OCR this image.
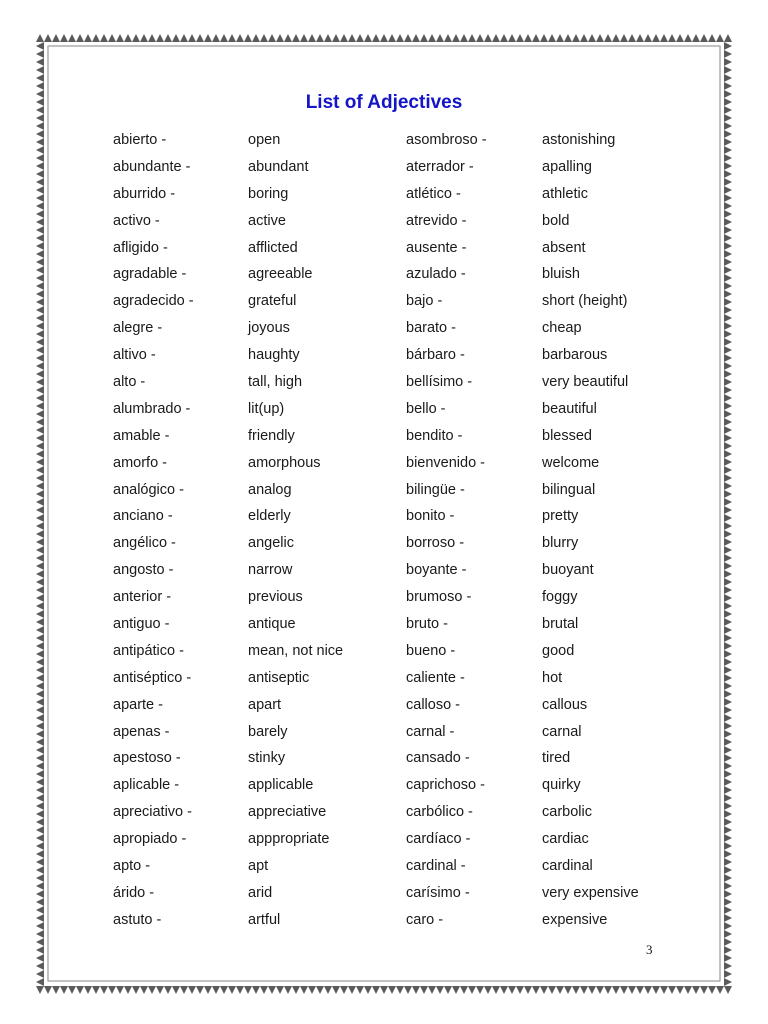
List of Adjectives
abierto -
abundante -
aburrido -
activo -
afligido -
agradable -
agradecido -
alegre -
altivo -
alto -
alumbrado -
amable -
amorfo -
analógico -
anciano -
angélico -
angosto -
anterior -
antiguo -
antipático -
antiséptico -
aparte -
apenas -
apestoso -
aplicable -
apreciativo -
apropiado -
apto -
árido -
astuto -
open
abundant
boring
active
afflicted
agreeable
grateful
joyous
haughty
tall, high
lit(up)
friendly
amorphous
analog
elderly
angelic
narrow
previous
antique
mean, not nice
antiseptic
apart
barely
stinky
applicable
appreciative
apppropriate
apt
arid
artful
asombroso -
aterrador -
atlético -
atrevido -
ausente -
azulado -
bajo -
barato -
bárbaro -
bellísimo -
bello -
bendito -
bienvenido -
bilingüe -
bonito -
borroso -
boyante -
brumoso -
bruto -
bueno -
caliente -
calloso -
carnal -
cansado -
caprichoso -
carbólico -
cardíaco -
cardinal -
carísimo -
caro -
astonishing
apalling
athletic
bold
absent
bluish
short (height)
cheap
barbarous
very beautiful
beautiful
blessed
welcome
bilingual
pretty
blurry
buoyant
foggy
brutal
good
hot
callous
carnal
tired
quirky
carbolic
cardiac
cardinal
very expensive
expensive
3
